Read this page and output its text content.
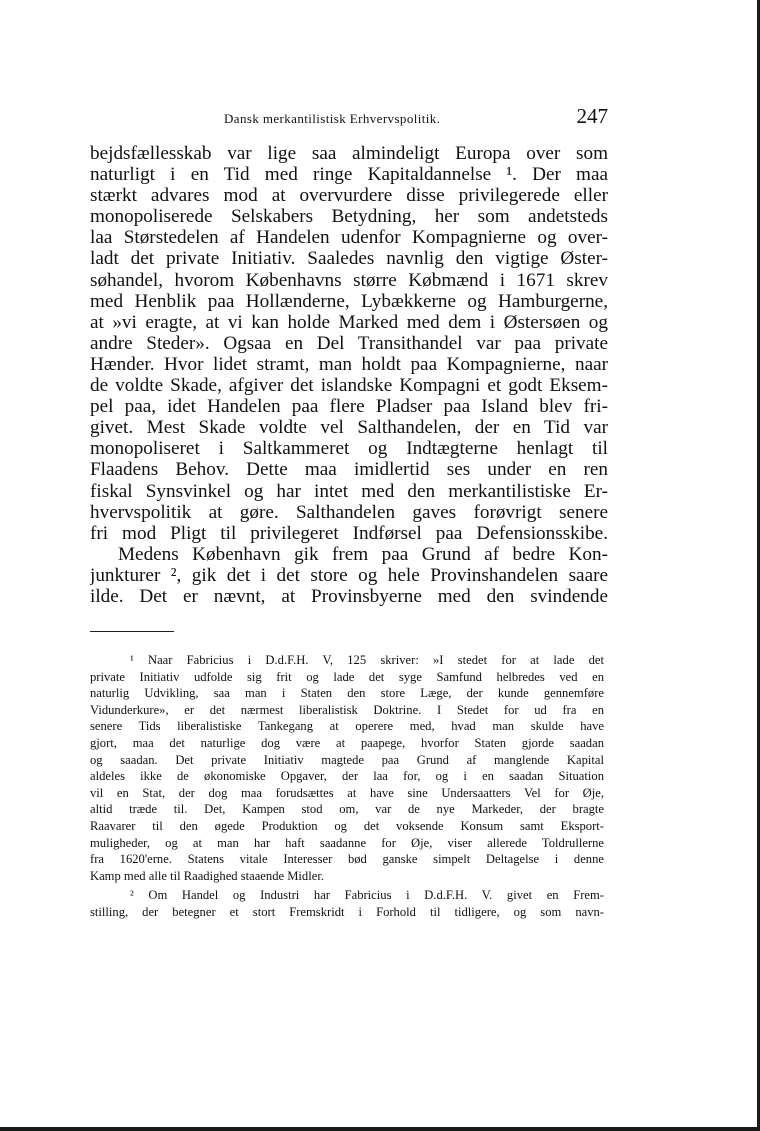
Dansk merkantilistisk Erhvervspolitik.	247
bejdsfællesskab var lige saa almindeligt Europa over som
naturligt i en Tid med ringe Kapitaldannelse ¹. Der maa
stærkt advares mod at overvurdere disse privilegerede eller
monopoliserede Selskabers Betydning, her som andetsteds
laa Størstedelen af Handelen udenfor Kompagnierne og over-
ladt det private Initiativ. Saaledes navnlig den vigtige Øster-
søhandel, hvorom Københavns større Købmænd i 1671 skrev
med Henblik paa Hollænderne, Lybækkerne og Hamburgerne,
at »vi eragte, at vi kan holde Marked med dem i Østersøen og
andre Steder». Ogsaa en Del Transithandel var paa private
Hænder. Hvor lidet stramt, man holdt paa Kompagnierne, naar
de voldte Skade, afgiver det islandske Kompagni et godt Eksem-
pel paa, idet Handelen paa flere Pladser paa Island blev fri-
givet. Mest Skade voldte vel Salthandelen, der en Tid var
monopoliseret i Saltkammeret og Indtægterne henlagt til
Flaadens Behov. Dette maa imidlertid ses under en ren
fiskal Synsvinkel og har intet med den merkantilistiske Er-
hvervspolitik at gøre. Salthandelen gaves forøvrigt senere
fri mod Pligt til privilegeret Indførsel paa Defensionsskibe.
Medens København gik frem paa Grund af bedre Kon-
junkturer ², gik det i det store og hele Provinshandelen saare
ilde. Det er nævnt, at Provinsbyerne med den svindende
¹ Naar Fabricius i D.d.F.H. V, 125 skriver: »I stedet for at lade det
private Initiativ udfolde sig frit og lade det syge Samfund helbredes ved en
naturlig Udvikling, saa man i Staten den store Læge, der kunde gennemføre
Vidunderkure», er det nærmest liberalistisk Doktrine. I Stedet for ud fra en
senere Tids liberalistiske Tankegang at operere med, hvad man skulde have
gjort, maa det naturlige dog være at paapege, hvorfor Staten gjorde saadan
og saadan. Det private Initiativ magtede paa Grund af manglende Kapital
aldeles ikke de økonomiske Opgaver, der laa for, og i en saadan Situation
vil en Stat, der dog maa forudsættes at have sine Undersaatters Vel for Øje,
altid træde til. Det, Kampen stod om, var de nye Markeder, der bragte
Raavarer til den øgede Produktion og det voksende Konsum samt Eksport-
muligheder, og at man har haft saadanne for Øje, viser allerede Toldrullerne
fra 1620'erne. Statens vitale Interesser bød ganske simpelt Deltagelse i denne
Kamp med alle til Raadighed staaende Midler.
² Om Handel og Industri har Fabricius i D.d.F.H. V. givet en Frem-
stilling, der betegner et stort Fremskridt i Forhold til tidligere, og som navn-
